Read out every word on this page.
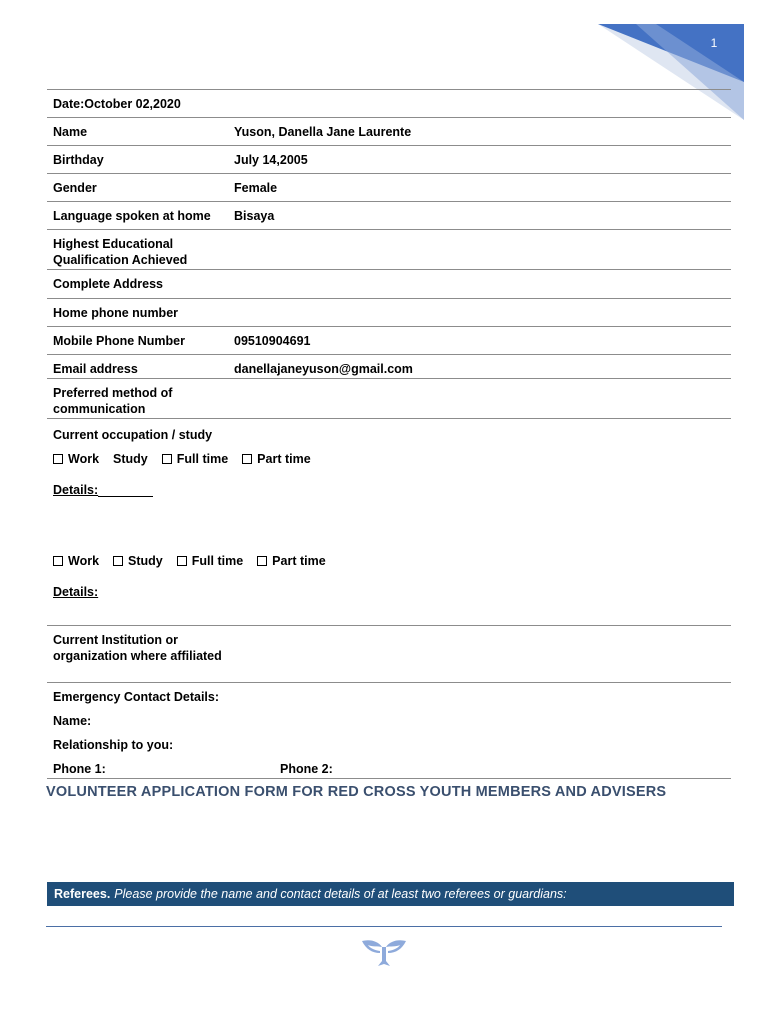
1
Date:October 02,2020
Name	Yuson, Danella Jane Laurente
Birthday	July 14,2005
Gender	Female
Language spoken at home	Bisaya
Highest Educational Qualification Achieved
Complete Address
Home phone number
Mobile Phone Number	09510904691
Email address	danellajaneyuson@gmail.com
Preferred method of communication
Current occupation / study
Work Study Full time Part time
Details:
Work Study Full time Part time
Details:
Current Institution or organization where affiliated
Emergency Contact Details:
Name:
Relationship to you:
Phone 1:	Phone 2:
VOLUNTEER APPLICATION FORM FOR RED CROSS YOUTH MEMBERS AND ADVISERS
Referees. Please provide the name and contact details of at least two referees or guardians:
